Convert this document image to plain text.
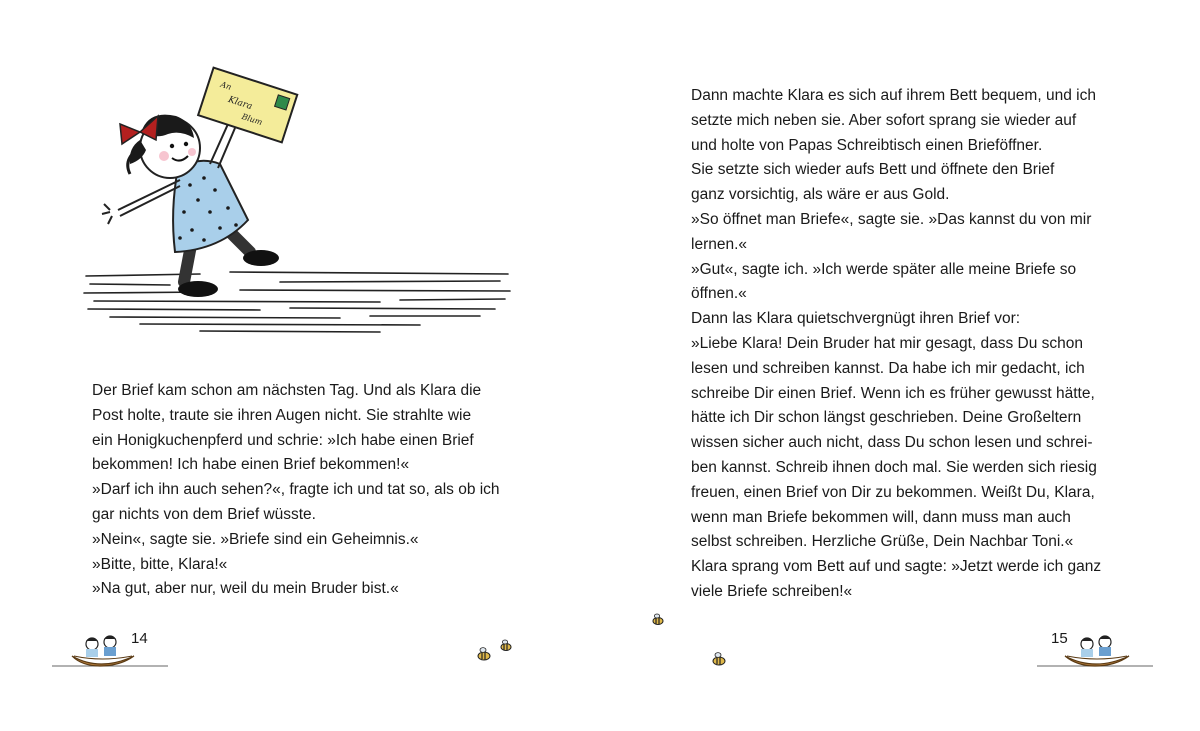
An
Klara
Blum

Der Brief kam schon am nächsten Tag. Und als Klara die

Post holte, traute sie ihren Augen nicht. Sie strahlte wie

ein Honigkuchenpferd und schrie: »Ich habe einen Brief

bekommen! Ich habe einen Brief bekommen!«

»Darf ich ihn auch sehen?«, fragte ich und tat so, als ob ich

gar nichts von dem Brief wüsste.

»Nein«, sagte sie. »Briefe sind ein Geheimnis.«

»Bitte, bitte, Klara!«

»Na gut, aber nur, weil du mein Bruder bist.«

14

Dann machte Klara es sich auf ihrem Bett bequem, und ich

setzte mich neben sie. Aber sofort sprang sie wieder auf

und holte von Papas Schreibtisch einen Brieföffner.

Sie setzte sich wieder aufs Bett und öffnete den Brief

ganz vorsichtig, als wäre er aus Gold.

»So öffnet man Briefe«, sagte sie. »Das kannst du von mir

lernen.«

»Gut«, sagte ich. »Ich werde später alle meine Briefe so

öffnen.«

Dann las Klara quietschvergnügt ihren Brief vor:

»Liebe Klara! Dein Bruder hat mir gesagt, dass Du schon

lesen und schreiben kannst. Da habe ich mir gedacht, ich

schreibe Dir einen Brief. Wenn ich es früher gewusst hätte,

hätte ich Dir schon längst geschrieben. Deine Großeltern

wissen sicher auch nicht, dass Du schon lesen und schrei-

ben kannst. Schreib ihnen doch mal. Sie werden sich riesig

freuen, einen Brief von Dir zu bekommen. Weißt Du, Klara,

wenn man Briefe bekommen will, dann muss man auch

selbst schreiben. Herzliche Grüße, Dein Nachbar Toni.«

Klara sprang vom Bett auf und sagte: »Jetzt werde ich ganz

viele Briefe schreiben!«

15
